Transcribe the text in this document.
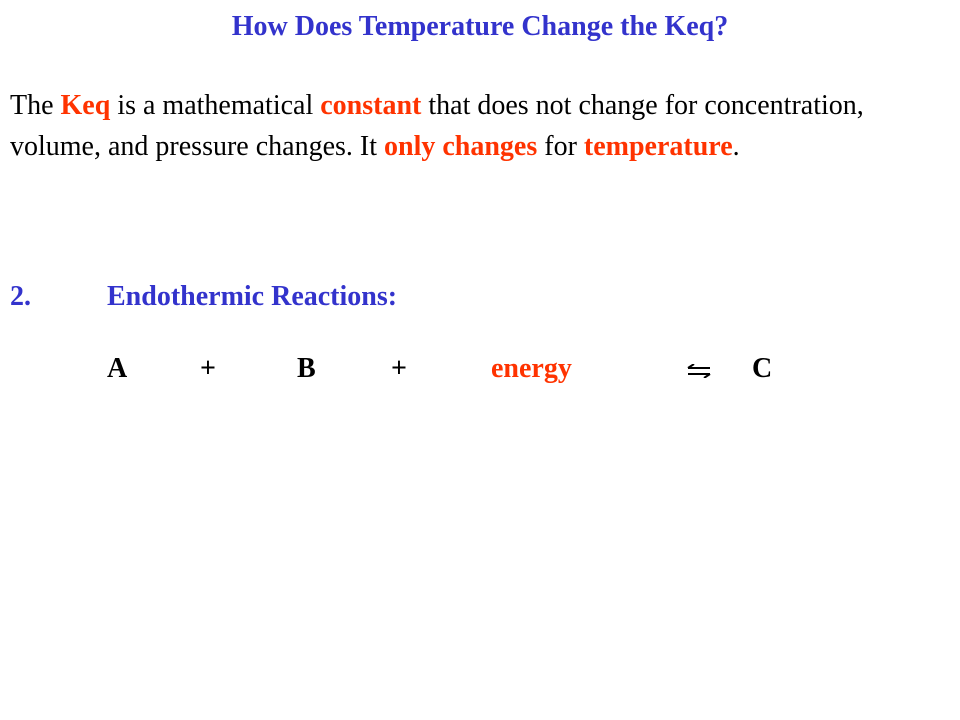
How Does Temperature Change the Keq?
The Keq is a mathematical constant that does not change for concentration, volume, and pressure changes. It only changes for temperature.
2.	Endothermic Reactions:
A	+	B	+	energy	C
